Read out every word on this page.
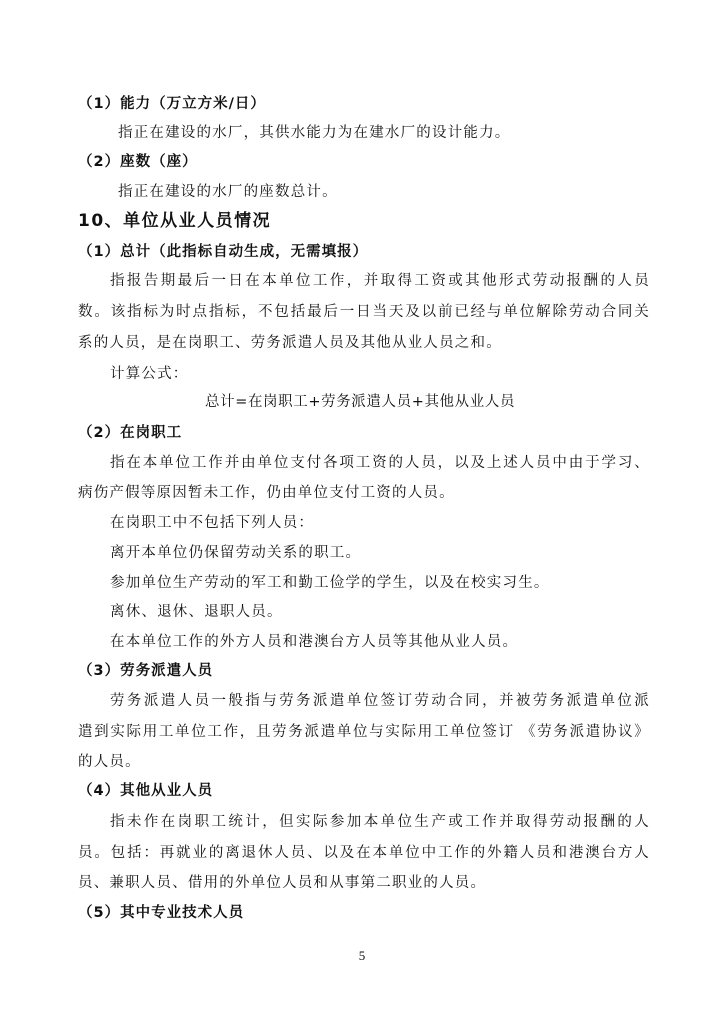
（1）能力（万立方米/日）
指正在建设的水厂，其供水能力为在建水厂的设计能力。
（2）座数（座）
指正在建设的水厂的座数总计。
10、单位从业人员情况
（1）总计（此指标自动生成，无需填报）
指报告期最后一日在本单位工作，并取得工资或其他形式劳动报酬的人员
数。该指标为时点指标，不包括最后一日当天及以前已经与单位解除劳动合同关
系的人员，是在岗职工、劳务派遣人员及其他从业人员之和。
计算公式：
总计=在岗职工+劳务派遣人员+其他从业人员
（2）在岗职工
指在本单位工作并由单位支付各项工资的人员，以及上述人员中由于学习、
病伤产假等原因暂未工作，仍由单位支付工资的人员。
在岗职工中不包括下列人员：
离开本单位仍保留劳动关系的职工。
参加单位生产劳动的军工和勤工俭学的学生，以及在校实习生。
离休、退休、退职人员。
在本单位工作的外方人员和港澳台方人员等其他从业人员。
（3）劳务派遣人员
劳务派遣人员一般指与劳务派遣单位签订劳动合同，并被劳务派遣单位派
遣到实际用工单位工作，且劳务派遣单位与实际用工单位签订 《劳务派遣协议》
的人员。
（4）其他从业人员
指未作在岗职工统计，但实际参加本单位生产或工作并取得劳动报酬的人
员。包括：再就业的离退休人员、以及在本单位中工作的外籍人员和港澳台方人
员、兼职人员、借用的外单位人员和从事第二职业的人员。
（5）其中专业技术人员
5
